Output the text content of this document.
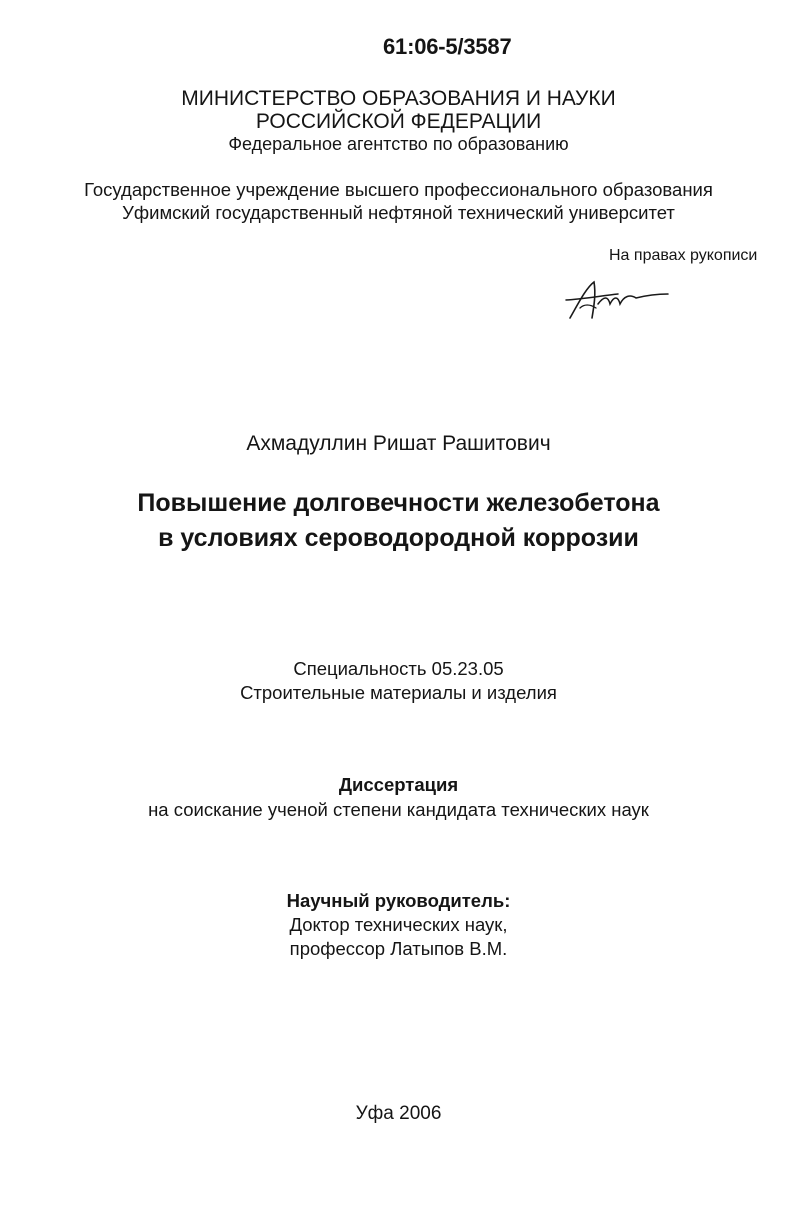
61:06-5/3587
МИНИСТЕРСТВО ОБРАЗОВАНИЯ И НАУКИ
РОССИЙСКОЙ ФЕДЕРАЦИИ
Федеральное агентство по образованию
Государственное учреждение высшего профессионального образования
Уфимский государственный нефтяной технический университет
На правах рукописи
Ахмадуллин Ришат Рашитович
Повышение долговечности железобетона
в условиях сероводородной коррозии
Специальность 05.23.05
Строительные материалы и изделия
Диссертация
на соискание ученой степени кандидата технических наук
Научный руководитель:
Доктор технических наук,
профессор Латыпов В.М.
Уфа 2006
